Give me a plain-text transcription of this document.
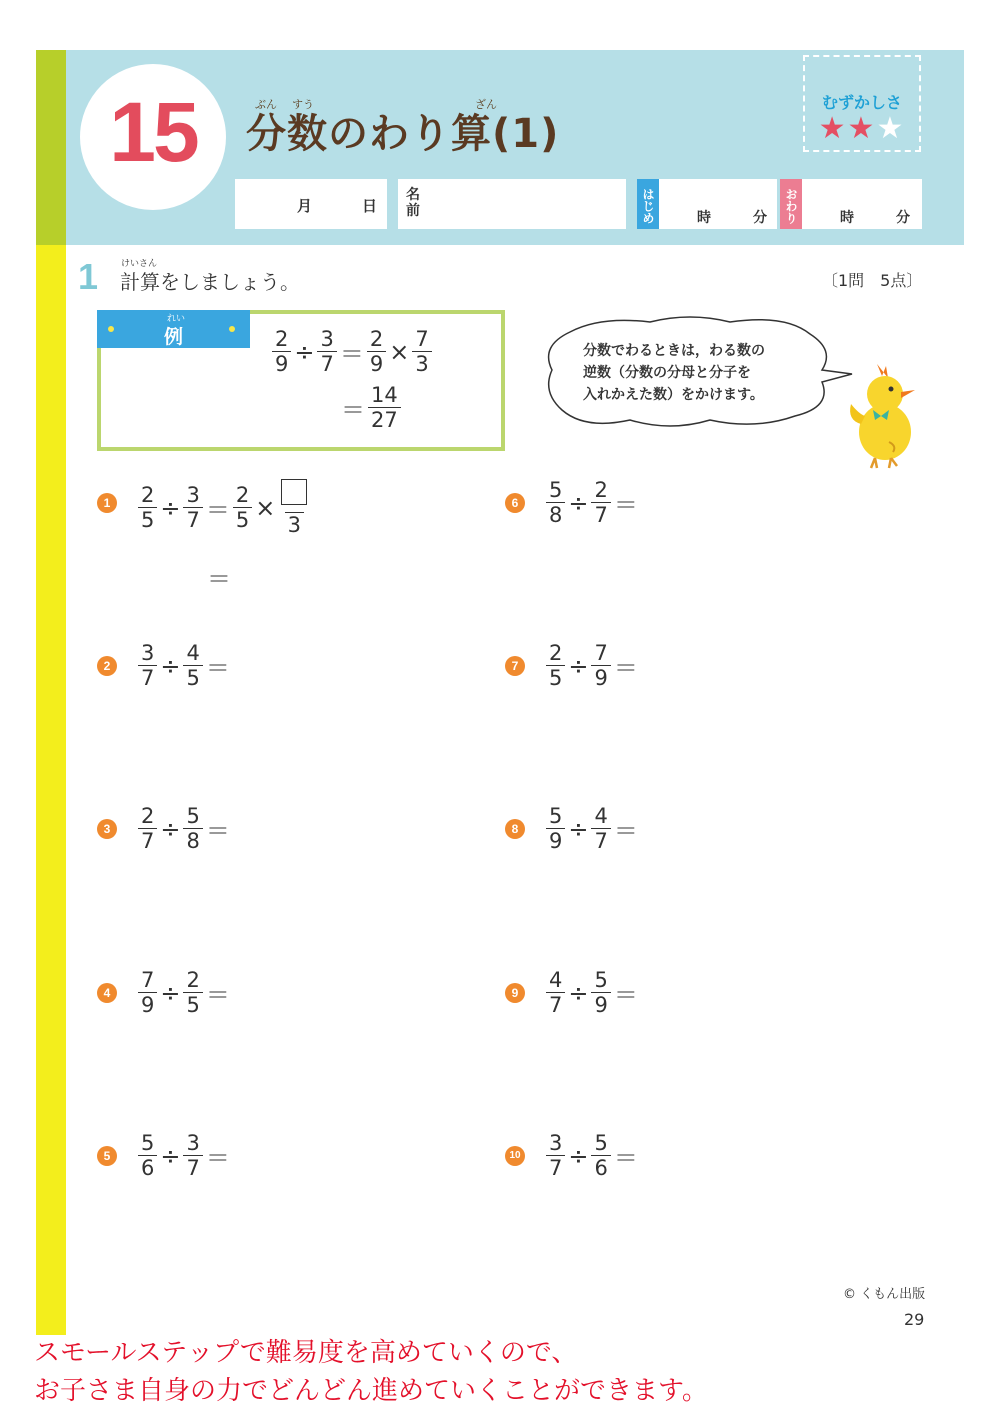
15	ぶん すう	ざん
分数のわり算(1)
むずかしさ
★★★
月	日
名前	はじめ	時	分	おわり	時	分
1	けいさん
計算をしましょう。	〔1問　5点〕
れい
例	$\frac{2}{9} \div \frac{3}{7} = \frac{2}{9} \times \frac{7}{3}$
＝ $\frac{14}{27}$
分数でわるときは，わる数の
逆数（分数の分母と分子を
入れかえた数）をかけます。
1	$\frac{2}{5} \div \frac{3}{7} = \frac{2}{5}$ ×
3
＝
2	$\frac{3}{7} \div \frac{4}{5}$ ＝
3	$\frac{2}{7} \div \frac{5}{8}$ ＝
4	$\frac{7}{9} \div \frac{2}{5}$ ＝
5	$\frac{5}{6} \div \frac{3}{7}$ ＝
6	$\frac{5}{8} \div \frac{2}{7}$ ＝
7	$\frac{2}{5} \div \frac{7}{9}$ ＝
8	$\frac{5}{9} \div \frac{4}{7}$ ＝
9	$\frac{4}{7} \div \frac{5}{9}$ ＝
$10 \frac{3}{7} \div \frac{5}{6}$ ＝
© くもん出版
29
スモールステップで難易度を高めていくので、
お子さま自身の力でどんどん進めていくことができます。
